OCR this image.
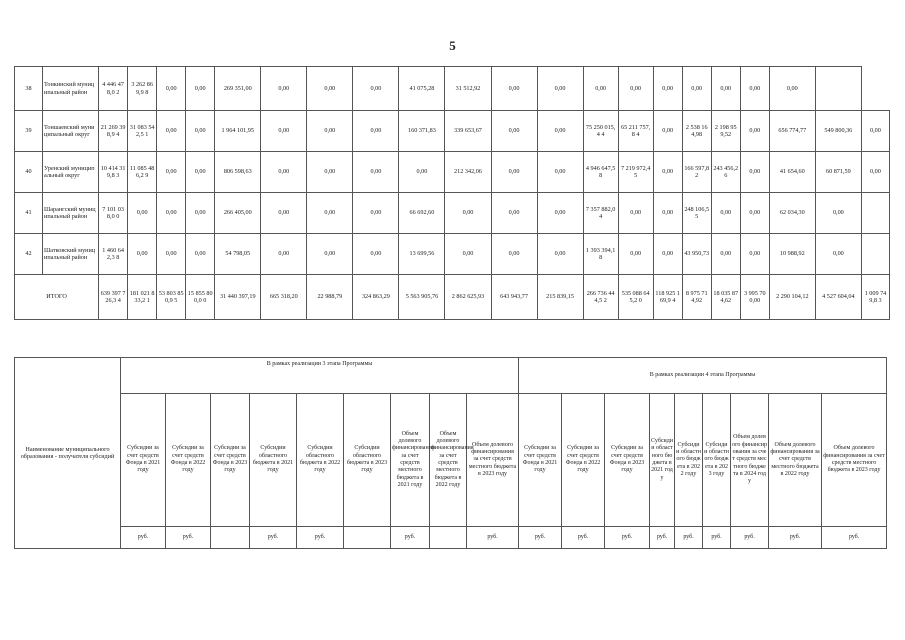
5
38	Тонкинский муниципальный район	4 446 478,0 2	3 262 869,9 8	0,00	0,00	269 351,00	0,00	0,00	0,00	41 075,28	31 512,92	0,00	0,00	0,00	0,00	0,00	0,00	0,00	0,00	0,00		
39	Тоншаевский муниципальный округ	21 269 398,9 4	31 083 542,5 1	0,00	0,00	1 964 101,95	0,00	0,00	0,00	160 371,83	339 653,67	0,00	0,00	75 250 015,4 4	65 211 757,8 4	0,00	2 538 164,98	2 198 959,52	0,00	656 774,77	549 800,36	0,00
40	Уренский муниципальный округ	10 414 319,8 3	11 085 486,2 9	0,00	0,00	806 598,63	0,00	0,00	0,00	0,00	212 342,06	0,00	0,00	4 946 647,5 8	7 219 972,4 5	0,00	166 597,82	243 456,26	0,00	41 654,60	60 871,59	0,00
41	Шарангский муниципальный район	7 101 038,0 0	0,00	0,00	0,00	266 405,00	0,00	0,00	0,00	66 692,60	0,00	0,00	0,00	7 357 882,0 4	0,00	0,00	248 106,55	0,00	0,00	62 034,30	0,00	
42	Шатковский муниципальный район	1 460 642,3 8	0,00	0,00	0,00	54 798,05	0,00	0,00	0,00	13 699,56	0,00	0,00	0,00	1 393 394,1 8	0,00	0,00	43 950,73	0,00	0,00	10 988,92	0,00	
ИТОГО		639 397 726,3 4	181 021 833,2 1	53 803 850,9 5	15 855 800,0 0	31 440 397,19	665 318,20	22 988,79	324 863,29	5 563 905,76	2 862 625,93	643 943,77	215 839,15	266 736 444,5 2	535 088 645,2 0	118 925 169,9 4	8 975 714,92	18 035 874,62	3 995 700,00	2 290 104,12	4 527 604,04	1 009 749,8 3
Наименование муниципального образования - получателя субсидий	В рамках реализации 3 этапа Программы									В рамках реализации 4 этапа Программы								
	Субсидии за счет средств Фонда в 2021 году	Субсидии за счет средств Фонда в 2022 году	Субсидии за счет средств Фонда в 2023 году	Субсидии областного бюджета в 2021 году	Субсидии областного бюджета в 2022 году	Субсидии областного бюджета в 2023 году	Объем долевого финансирования за счет средств местного бюджета в 2021 году	Объем долевого финансирования за счет средств местного бюджета в 2022 году	Объем долевого финансирования за счет средств местного бюджета в 2023 году	Субсидии за счет средств Фонда в 2021 году	Субсидии за счет средств Фонда в 2022 году	Субсидии за счет средств Фонда в 2023 году	Субсидии областного бюджета в 2021 году	Субсидии областного бюджета в 2022 году	Субсидии областного бюджета в 2023 году	Объем долевого финансирования за счет средств местного бюджета в 2024 году	Объем долевого финансирования за счет средств местного бюджета в 2022 году	Объем долевого финансирования за счет средств местного бюджета в 2023 году
	руб.	руб.		руб.	руб.		руб.		руб.	руб.	руб.	руб.	руб.	руб.	руб.	руб.	руб.	руб.
